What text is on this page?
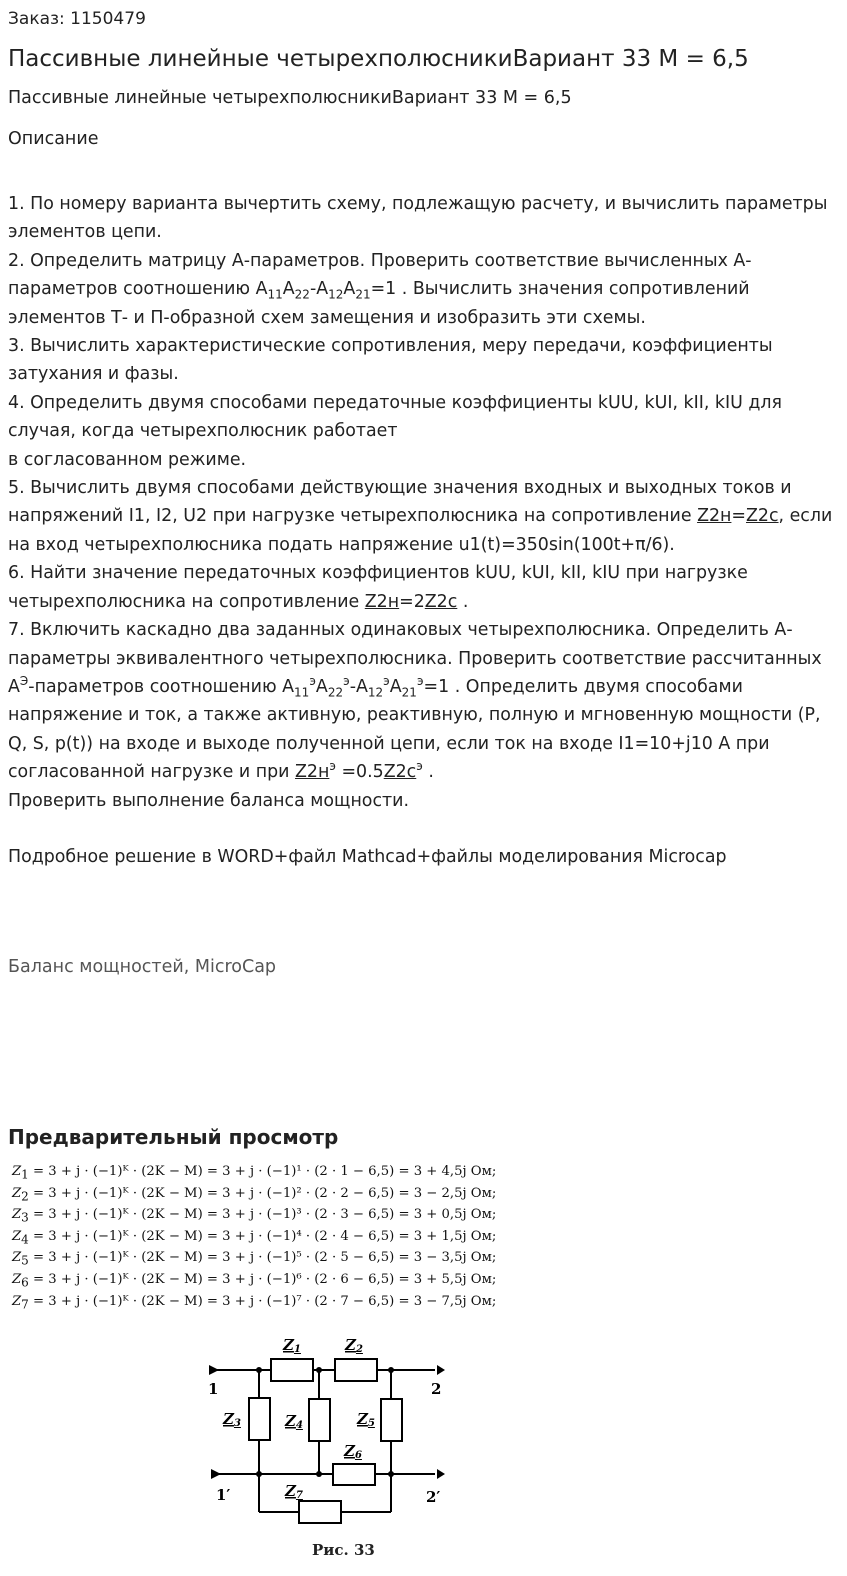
Заказ: 1150479
Пассивные линейные четырехполюсникиВариант 33 M = 6,5
Пассивные линейные четырехполюсникиВариант 33 M = 6,5
Описание

1. По номеру варианта вычертить схему, подлежащую расчету, и вычислить параметры элементов цепи.

2. Определить матрицу А-параметров. Проверить соответствие вычисленных А-параметров соотношению $А_{11}А_{22}-А_{12}А_{21}=1$ . Вычислить значения сопротивлений элементов Т- и П-образной схем замещения и изобразить эти схемы.

3. Вычислить характеристические сопротивления, меру передачи, коэффициенты затухания и фазы.

4. Определить двумя способами передаточные коэффициенты kUU, kUI, kII, kIU для случая, когда четырехполюсник работает
в согласованном режиме.

5. Вычислить двумя способами действующие значения входных и выходных токов и напряжений I1, I2, U2 при нагрузке четырехполюсника на сопротивление Z2н=Z2с, если на вход четырехполюсника подать напряжение u1(t)=350sin(100t+π/6).

6. Найти значение передаточных коэффициентов kUU, kUI, kII, kIU при нагрузке четырехполюсника на сопротивление Z2н=2Z2с .

7. Включить каскадно два заданных одинаковых четырехполюсника. Определить А-параметры эквивалентного четырехполюсника. Проверить соответствие рассчитанных $А^Э$-параметров соотношению $А_{11}^эА_{22}^э-А_{12}^эА_{21}^э=1$ . Определить двумя способами напряжение и ток, а также активную, реактивную, полную и мгновенную мощности (P, Q, S, p(t)) на входе и выходе полученной цепи, если ток на входе I1=10+j10 А при согласованной нагрузке и при $Z2н^э =0.5Z2с^э$ .
Проверить выполнение баланса мощности.

Подробное решение в WORD+файл Mathcad+файлы моделирования Microcap

Баланс мощностей, MicroCap
Предварительный просмотр
$Z_1 = 3 + j$ · (−1)ᴷ · (2K − M) = 3 + j · (−1)¹ · (2 · 1 − 6,5) = 3 + 4,5j Ом;
$Z_2 = 3 + j$ · (−1)ᴷ · (2K − M) = 3 + j · (−1)² · (2 · 2 − 6,5) = 3 − 2,5j Ом;
$Z_3 = 3 + j$ · (−1)ᴷ · (2K − M) = 3 + j · (−1)³ · (2 · 3 − 6,5) = 3 + 0,5j Ом;
$Z_4 = 3 + j$ · (−1)ᴷ · (2K − M) = 3 + j · (−1)⁴ · (2 · 4 − 6,5) = 3 + 1,5j Ом;
$Z_5 = 3 + j$ · (−1)ᴷ · (2K − M) = 3 + j · (−1)⁵ · (2 · 5 − 6,5) = 3 − 3,5j Ом;
$Z_6 = 3 + j$ · (−1)ᴷ · (2K − M) = 3 + j · (−1)⁶ · (2 · 6 − 6,5) = 3 + 5,5j Ом;
$Z_7 = 3 + j$ · (−1)ᴷ · (2K − M) = 3 + j · (−1)⁷ · (2 · 7 − 6,5) = 3 − 7,5j Ом;
Z1	Z2
Z3	Z4	Z5
Z6
Z7
1	2
1′	2′
Рис. 33
